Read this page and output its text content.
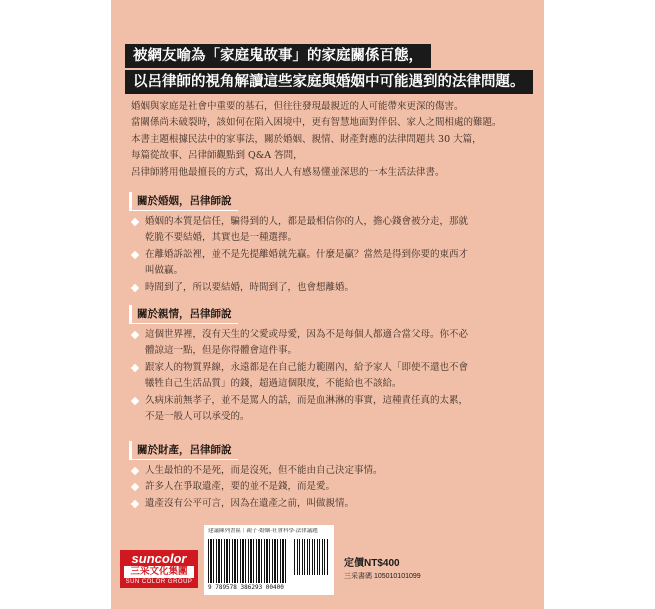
被網友喻為「家庭鬼故事」的家庭關係百態，
以呂律師的視角解讀這些家庭與婚姻中可能遇到的法律問題。
婚姻與家庭是社會中重要的基石，但往往發現最親近的人可能帶來更深的傷害。
當關係尚未破裂時，該如何在陷入困境中，更有智慧地面對伴侶、家人之間相處的難題。
本書主題根據民法中的家事法，關於婚姻、親情、財產對應的法律問題共 30 大篇，
每篇從故事、呂律師觀點到 Q&A 答問，
呂律師將用他最擅長的方式，寫出人人有感易懂並深思的一本生活法律書。
關於婚姻，呂律師說
婚姻的本質是信任，騙得到的人，都是最相信你的人，擔心錢會被分走，那就
乾脆不要結婚，其實也是一種選擇。
在離婚訴訟裡，並不是先提離婚就先贏。什麼是贏？當然是得到你要的東西才
叫做贏。
時間到了，所以要結婚，時間到了，也會想離婚。
關於親情，呂律師說
這個世界裡，沒有天生的父愛或母愛，因為不是每個人都適合當父母。你不必
體諒這一點，但是你得體會這件事。
跟家人的物質界線，永遠都是在自己能力範圍內，給予家人「即使不還也不會
犧牲自己生活品質」的錢，超過這個限度，不能給也不該給。
久病床前無孝子，並不是罵人的話，而是血淋淋的事實，這種責任真的太累，
不是一般人可以承受的。
關於財產，呂律師說
人生最怕的不是死，而是沒死，但不能由自己決定事情。
許多人在爭取遺產，要的並不是錢，而是愛。
遺產沒有公平可言，因為在遺產之前，叫做親情。
suncolor
三采文化集團
SUN COLOR GROUP
建議陳列書區｜親子·婚姻·社會科學·法律議題
9 789578 386293 00400
定價NT$400
三采書碼 105010101099
